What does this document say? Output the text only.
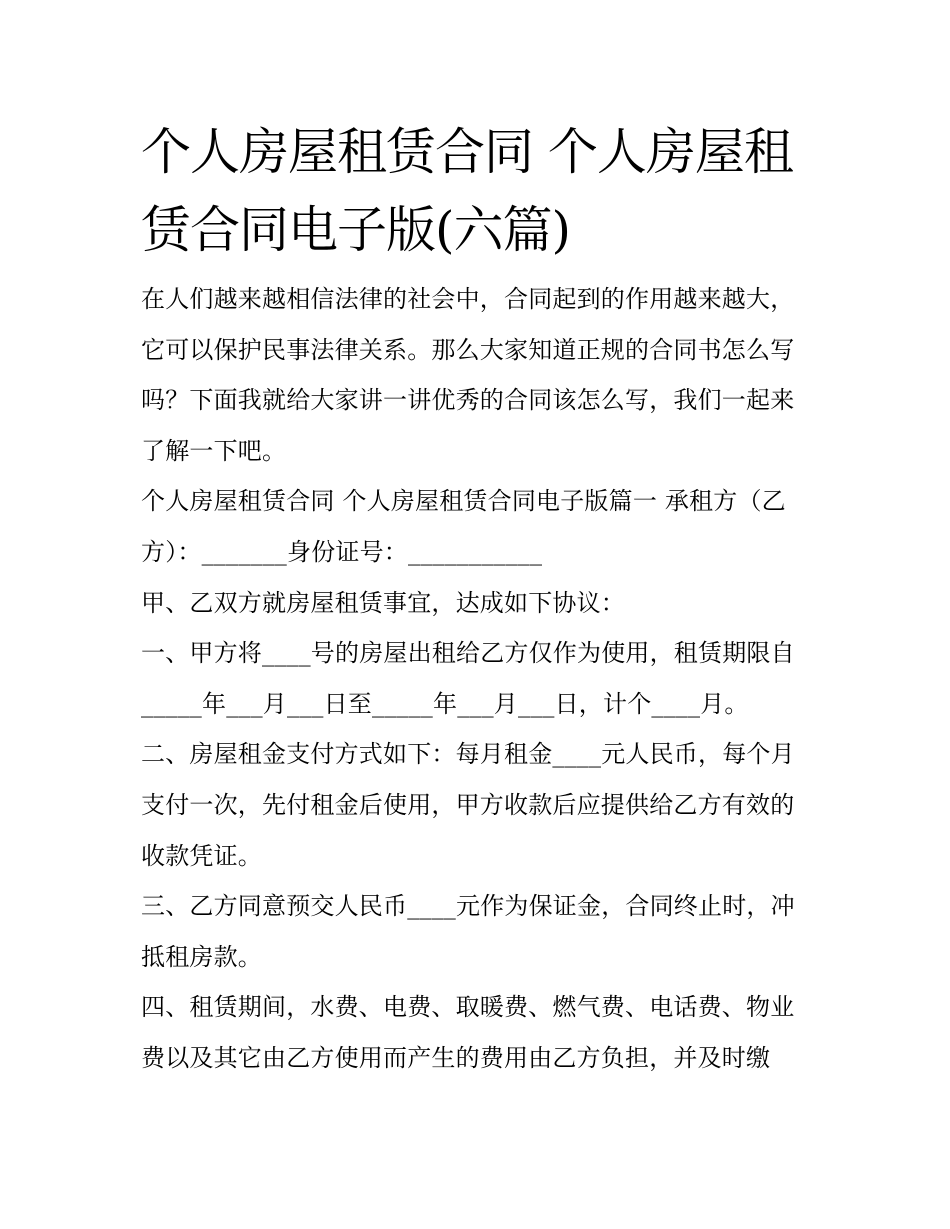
个人房屋租赁合同 个人房屋租
赁合同电子版(六篇)

在人们越来越相信法律的社会中，合同起到的作用越来越大，
它可以保护民事法律关系。那么大家知道正规的合同书怎么写
吗？下面我就给大家讲一讲优秀的合同该怎么写，我们一起来
了解一下吧。

个人房屋租赁合同 个人房屋租赁合同电子版篇一 承租方（乙
方）：_______身份证号：___________

甲、乙双方就房屋租赁事宜，达成如下协议：

一、甲方将____号的房屋出租给乙方仅作为使用，租赁期限自
_____年___月___日至_____年___月___日，计个____月。

二、房屋租金支付方式如下：每月租金____元人民币，每个月
支付一次，先付租金后使用，甲方收款后应提供给乙方有效的
收款凭证。

三、乙方同意预交人民币____元作为保证金，合同终止时，冲
抵租房款。

四、租赁期间，水费、电费、取暖费、燃气费、电话费、物业
费以及其它由乙方使用而产生的费用由乙方负担，并及时缴
